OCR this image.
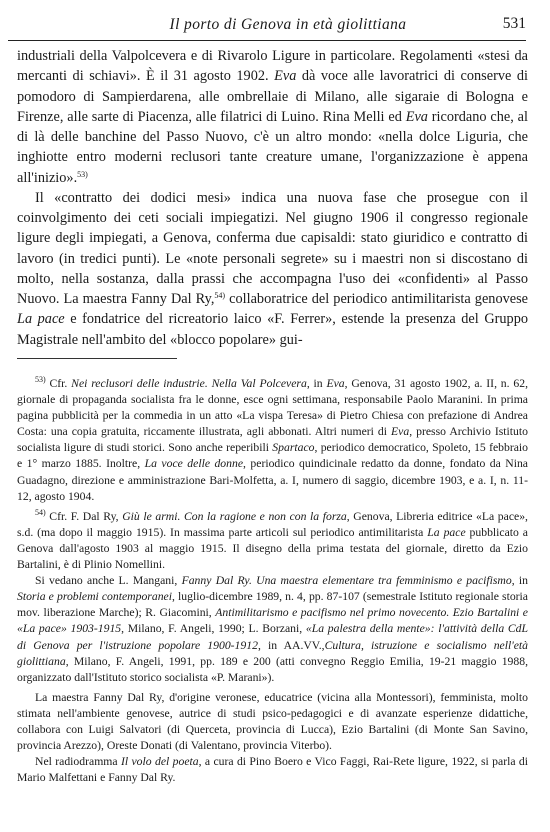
Il porto di Genova in età giolittiana	531

industriali della Valpolcevera e di Rivarolo Ligure in particolare. Regolamenti «stesi da mercanti di schiavi». È il 31 agosto 1902. Eva dà voce alle lavoratrici di conserve di pomodoro di Sampierdarena, alle ombrellaie di Milano, alle sigaraie di Bologna e Firenze, alle sarte di Piacenza, alle filatrici di Luino. Rina Melli ed Eva ricordano che, al di là delle banchine del Passo Nuovo, c'è un altro mondo: «nella dolce Liguria, che inghiotte entro moderni reclusori tante creature umane, l'organizzazione è appena all'inizio».$^{53)}$

Il «contratto dei dodici mesi» indica una nuova fase che prosegue con il coinvolgimento dei ceti sociali impiegatizi. Nel giugno 1906 il congresso regionale ligure degli impiegati, a Genova, conferma due capisaldi: stato giuridico e contratto di lavoro (in tredici punti). Le «note personali segrete» su i maestri non si discostano di molto, nella sostanza, dalla prassi che accompagna l'uso dei «confidenti» al Passo Nuovo. La maestra Fanny Dal Ry,$^{54)}$ collaboratrice del periodico antimilitarista genovese La pace e fondatrice del ricreatorio laico «F. Ferrer», estende la presenza del Gruppo Magistrale nell'ambito del «blocco popolare» gui-

$^{53)}$ Cfr. Nei reclusori delle industrie. Nella Val Polcevera, in Eva, Genova, 31 agosto 1902, a. II, n. 62, giornale di propaganda socialista fra le donne, esce ogni settimana, responsabile Paolo Maranini. In prima pagina pubblicità per la commedia in un atto «La vispa Teresa» di Pietro Chiesa con prefazione di Andrea Costa: una copia gratuita, riccamente illustrata, agli abbonati. Altri numeri di Eva, presso Archivio Istituto socialista ligure di studi storici. Sono anche reperibili Spartaco, periodico democratico, Spoleto, 15 febbraio e 1° marzo 1885. Inoltre, La voce delle donne, periodico quindicinale redatto da donne, fondato da Nina Guadagno, direzione e amministrazione Bari-Molfetta, a. I, numero di saggio, dicembre 1903, e a. I, n. 11-12, agosto 1904.

$^{54)}$ Cfr. F. Dal Ry, Giù le armi. Con la ragione e non con la forza, Genova, Libreria editrice «La pace», s.d. (ma dopo il maggio 1915). In massima parte articoli sul periodico antimilitarista La pace pubblicato a Genova dall'agosto 1903 al maggio 1915. Il disegno della prima testata del giornale, diretto da Ezio Bartalini, è di Plinio Nomellini.

Si vedano anche L. Mangani, Fanny Dal Ry. Una maestra elementare tra femminismo e pacifismo, in Storia e problemi contemporanei, luglio-dicembre 1989, n. 4, pp. 87-107 (semestrale Istituto regionale storia mov. liberazione Marche); R. Giacomini, Antimilitarismo e pacifismo nel primo novecento. Ezio Bartalini e «La pace» 1903-1915, Milano, F. Angeli, 1990; L. Borzani, «La palestra della mente»: l'attività della CdL di Genova per l'istruzione popolare 1900-1912, in AA.VV.,Cultura, istruzione e socialismo nell'età giolittiana, Milano, F. Angeli, 1991, pp. 189 e 200 (atti convegno Reggio Emilia, 19-21 maggio 1988, organizzato dall'Istituto storico socialista «P. Marani»).

La maestra Fanny Dal Ry, d'origine veronese, educatrice (vicina alla Montessori), femminista, molto stimata nell'ambiente genovese, autrice di studi psico-pedagogici e di avanzate esperienze didattiche, collabora con Luigi Salvatori (di Querceta, provincia di Lucca), Ezio Bartalini (di Monte San Savino, provincia Arezzo), Oreste Donati (di Valentano, provincia Viterbo).

Nel radiodramma Il volo del poeta, a cura di Pino Boero e Vico Faggi, Rai-Rete ligure, 1922, si parla di Mario Malfettani e Fanny Dal Ry.
